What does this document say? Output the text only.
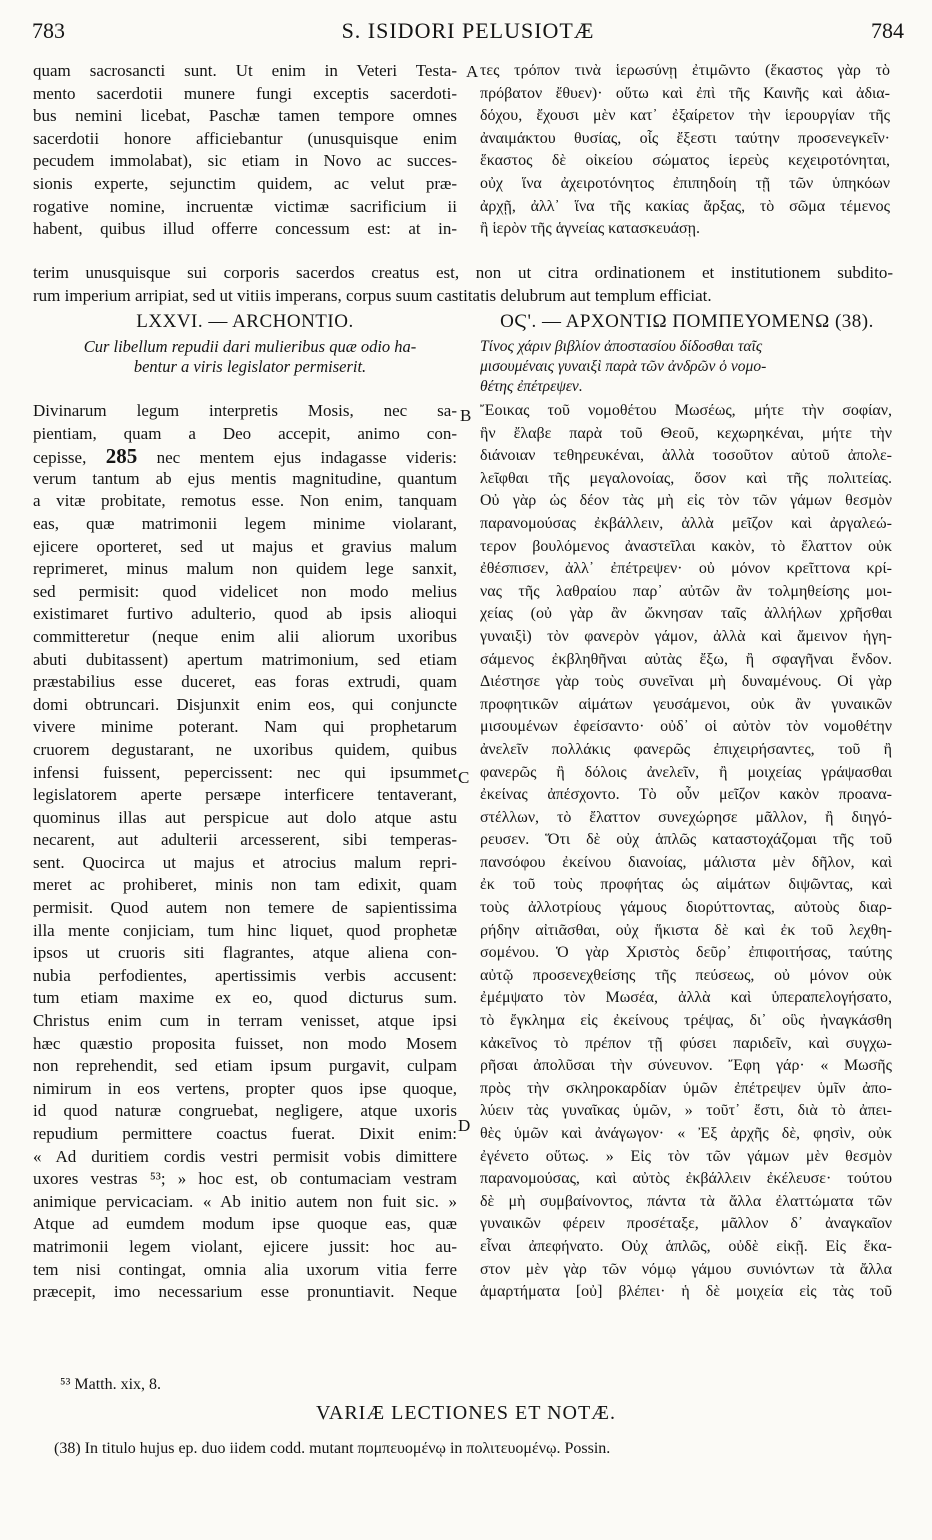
783	S. ISIDORI PELUSIOTÆ	784
A
B
C
D
quam sacrosancti sunt. Ut enim in Veteri Testa-
mento sacerdotii munere fungi exceptis sacerdoti-
bus nemini licebat, Paschæ tamen tempore omnes
sacerdotii honore afficiebantur (unusquisque enim
pecudem immolabat), sic etiam in Novo ac succes-
sionis experte, sejunctim quidem, ac velut præ-
rogative nomine, incruentæ victimæ sacrificium ii
habent, quibus illud offerre concessum est: at in-
τες τρόπον τινὰ ἱερωσύνῃ ἐτιμῶντο (ἕκαστος γὰρ τὸ
πρόβατον ἔθυεν)· οὕτω καὶ ἐπὶ τῆς Καινῆς καὶ ἀδια-
δόχου, ἔχουσι μὲν κατ᾽ ἐξαίρετον τὴν ἱερουργίαν τῆς
ἀναιμάκτου θυσίας, οἷς ἔξεστι ταύτην προσενεγκεῖν·
ἕκαστος δὲ οἰκείου σώματος ἱερεὺς κεχειροτόνηται,
οὐχ ἵνα ἀχειροτόνητος ἐπιπηδοίη τῇ τῶν ὑπηκόων
ἀρχῇ, ἀλλ᾽ ἵνα τῆς κακίας ἄρξας, τὸ σῶμα τέμενος
ἢ ἱερὸν τῆς ἁγνείας κατασκευάσῃ.
terim unusquisque sui corporis sacerdos creatus est, non ut citra ordinationem et institutionem subdito-
rum imperium arripiat, sed ut vitiis imperans, corpus suum castitatis delubrum aut templum efficiat.
LXXVI. — ARCHONTIO.	ΟϚ'. — ΑΡΧΟΝΤΙΩ ΠΟΜΠΕΥΟΜΕΝΩ (38).
Cur libellum repudii dari mulieribus quæ odio ha-
bentur a viris legislator permiserit.
Τίνος χάριν βιβλίον ἀποστασίου δίδοσθαι ταῖς
μισουμέναις γυναιξὶ παρὰ τῶν ἀνδρῶν ὁ νομο-
θέτης ἐπέτρεψεν.
Divinarum legum interpretis Mosis, nec sa-
pientiam, quam a Deo accepit, animo con-
cepisse, 285 nec mentem ejus indagasse videris:
verum tantum ab ejus mentis magnitudine, quantum
a vitæ probitate, remotus esse. Non enim, tanquam
eas, quæ matrimonii legem minime violarant,
ejicere oporteret, sed ut majus et gravius malum
reprimeret, minus malum non quidem lege sanxit,
sed permisit: quod videlicet non modo melius
existimaret furtivo adulterio, quod ab ipsis alioqui
committeretur (neque enim alii aliorum uxoribus
abuti dubitassent) apertum matrimonium, sed etiam
præstabilius esse duceret, eas foras extrudi, quam
domi obtruncari. Disjunxit enim eos, qui conjuncte
vivere minime poterant. Nam qui prophetarum
cruorem degustarant, ne uxoribus quidem, quibus
infensi fuissent, pepercissent: nec qui ipsummet
legislatorem aperte persæpe interficere tentaverant,
quominus illas aut perspicue aut dolo atque astu
necarent, aut adulterii arcesserent, sibi temperas-
sent. Quocirca ut majus et atrocius malum repri-
meret ac prohiberet, minis non tam edixit, quam
permisit. Quod autem non temere de sapientissima
illa mente conjiciam, tum hinc liquet, quod prophetæ
ipsos ut cruoris siti flagrantes, atque aliena con-
nubia perfodientes, apertissimis verbis accusent:
tum etiam maxime ex eo, quod dicturus sum.
Christus enim cum in terram venisset, atque ipsi
hæc quæstio proposita fuisset, non modo Mosem
non reprehendit, sed etiam ipsum purgavit, culpam
nimirum in eos vertens, propter quos ipse quoque,
id quod naturæ congruebat, negligere, atque uxoris
repudium permittere coactus fuerat. Dixit enim:
« Ad duritiem cordis vestri permisit vobis dimittere
uxores vestras ⁵³; » hoc est, ob contumaciam vestram
animique pervicaciam. « Ab initio autem non fuit sic. »
Atque ad eumdem modum ipse quoque eas, quæ
matrimonii legem violant, ejicere jussit: hoc au-
tem nisi contingat, omnia alia uxorum vitia ferre
præcepit, imo necessarium esse pronuntiavit. Neque
Ἔοικας τοῦ νομοθέτου Μωσέως, μήτε τὴν σοφίαν,
ἣν ἔλαβε παρὰ τοῦ Θεοῦ, κεχωρηκέναι, μήτε τὴν
διάνοιαν τεθηρευκέναι, ἀλλὰ τοσοῦτον αὐτοῦ ἀπολε-
λεῖφθαι τῆς μεγαλονοίας, ὅσον καὶ τῆς πολιτείας.
Οὐ γὰρ ὡς δέον τὰς μὴ εἰς τὸν τῶν γάμων θεσμὸν
παρανομούσας ἐκβάλλειν, ἀλλὰ μεῖζον καὶ ἀργαλεώ-
τερον βουλόμενος ἀναστεῖλαι κακὸν, τὸ ἔλαττον οὐκ
ἐθέσπισεν, ἀλλ᾽ ἐπέτρεψεν· οὐ μόνον κρεῖττονα κρί-
νας τῆς λαθραίου παρ᾽ αὐτῶν ἂν τολμηθείσης μοι-
χείας (οὐ γὰρ ἂν ὤκνησαν ταῖς ἀλλήλων χρῆσθαι
γυναιξὶ) τὸν φανερὸν γάμον, ἀλλὰ καὶ ἄμεινον ἡγη-
σάμενος ἐκβληθῆναι αὐτὰς ἔξω, ἢ σφαγῆναι ἔνδον.
Διέστησε γὰρ τοὺς συνεῖναι μὴ δυναμένους. Οἱ γὰρ
προφητικῶν αἱμάτων γευσάμενοι, οὐκ ἂν γυναικῶν
μισουμένων ἐφείσαντο· οὐδ᾽ οἱ αὐτὸν τὸν νομοθέτην
ἀνελεῖν πολλάκις φανερῶς ἐπιχειρήσαντες, τοῦ ἢ
φανερῶς ἢ δόλοις ἀνελεῖν, ἢ μοιχείας γράψασθαι
ἐκείνας ἀπέσχοντο. Τὸ οὖν μεῖζον κακὸν προανα-
στέλλων, τὸ ἔλαττον συνεχώρησε μᾶλλον, ἢ διηγό-
ρευσεν. Ὅτι δὲ οὐχ ἁπλῶς καταστοχάζομαι τῆς τοῦ
πανσόφου ἐκείνου διανοίας, μάλιστα μὲν δῆλον, καὶ
ἐκ τοῦ τοὺς προφήτας ὡς αἱμάτων διψῶντας, καὶ
τοὺς ἀλλοτρίους γάμους διορύττοντας, αὐτοὺς διαρ-
ρήδην αἰτιᾶσθαι, οὐχ ἥκιστα δὲ καὶ ἐκ τοῦ λεχθη-
σομένου. Ὁ γὰρ Χριστὸς δεῦρ᾽ ἐπιφοιτήσας, ταύτης
αὐτῷ προσενεχθείσης τῆς πεύσεως, οὐ μόνον οὐκ
ἐμέμψατο τὸν Μωσέα, ἀλλὰ καὶ ὑπεραπελογήσατο,
τὸ ἔγκλημα εἰς ἐκείνους τρέψας, δι᾽ οὓς ἠναγκάσθη
κἀκεῖνος τὸ πρέπον τῇ φύσει παριδεῖν, καὶ συγχω-
ρῆσαι ἀπολῦσαι τὴν σύνευνον. Ἔφη γάρ· « Μωσῆς
πρὸς τὴν σκληροκαρδίαν ὑμῶν ἐπέτρεψεν ὑμῖν ἀπο-
λύειν τὰς γυναῖκας ὑμῶν, » τοῦτ᾽ ἔστι, διὰ τὸ ἀπει-
θὲς ὑμῶν καὶ ἀνάγωγον· « Ἐξ ἀρχῆς δὲ, φησὶν, οὐκ
ἐγένετο οὕτως. » Εἰς τὸν τῶν γάμων μὲν θεσμὸν
παρανομούσας, καὶ αὐτὸς ἐκβάλλειν ἐκέλευσε· τούτου
δὲ μὴ συμβαίνοντος, πάντα τὰ ἄλλα ἐλαττώματα τῶν
γυναικῶν φέρειν προσέταξε, μᾶλλον δ᾽ ἀναγκαῖον
εἶναι ἀπεφήνατο. Οὐχ ἁπλῶς, οὐδὲ εἰκῇ. Εἰς ἕκα-
στον μὲν γὰρ τῶν νόμῳ γάμου συνιόντων τὰ ἄλλα
ἁμαρτήματα [οὐ] βλέπει· ἡ δὲ μοιχεία εἰς τὰς τοῦ
⁵³ Matth. xix, 8.
VARIÆ LECTIONES ET NOTÆ.
(38) In titulo hujus ep. duo iidem codd. mutant πομπευομένῳ in πολιτευομένῳ. Possin.
